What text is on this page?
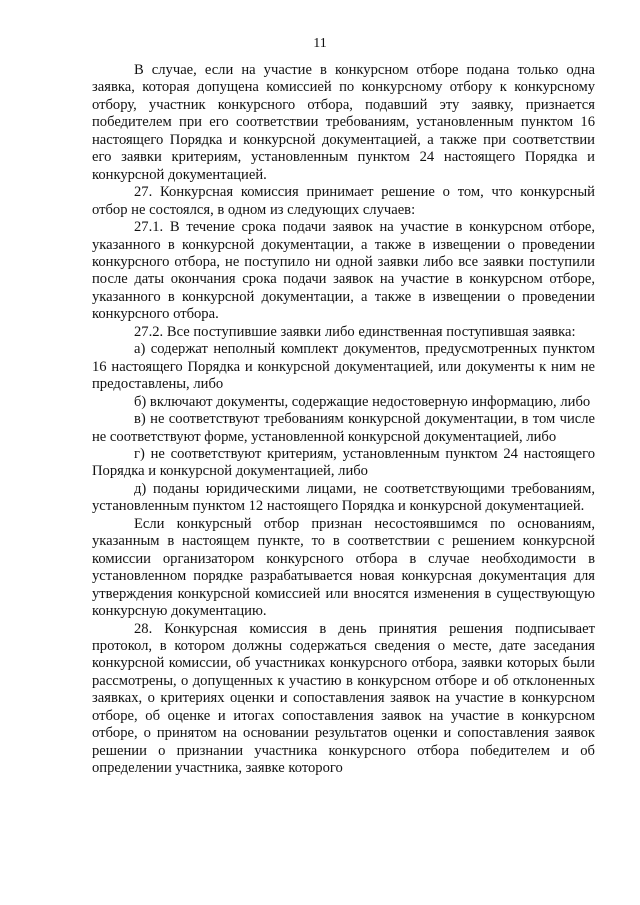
11

В случае, если на участие в конкурсном отборе подана только одна заявка, которая допущена комиссией по конкурсному отбору к конкурсному отбору, участник конкурсного отбора, подавший эту заявку, признается победителем при его соответствии требованиям, установленным пунктом 16 настоящего Порядка и конкурсной документацией, а также при соответствии его заявки критериям, установленным пунктом 24 настоящего Порядка и конкурсной документацией.

27. Конкурсная комиссия принимает решение о том, что конкурсный отбор не состоялся, в одном из следующих случаев:

27.1. В течение срока подачи заявок на участие в конкурсном отборе, указанного в конкурсной документации, а также в извещении о проведении конкурсного отбора, не поступило ни одной заявки либо все заявки поступили после даты окончания срока подачи заявок на участие в конкурсном отборе, указанного в конкурсной документации, а также в извещении о проведении конкурсного отбора.

27.2. Все поступившие заявки либо единственная поступившая заявка:

а) содержат неполный комплект документов, предусмотренных пунктом 16 настоящего Порядка и конкурсной документацией, или документы к ним не предоставлены, либо

б) включают документы, содержащие недостоверную информацию, либо

в) не соответствуют требованиям конкурсной документации, в том числе не соответствуют форме, установленной конкурсной документацией, либо

г) не соответствуют критериям, установленным пунктом 24 настоящего Порядка и конкурсной документацией, либо

д) поданы юридическими лицами, не соответствующими требованиям, установленным пунктом 12 настоящего Порядка и конкурсной документацией.

Если конкурсный отбор признан несостоявшимся по основаниям, указанным в настоящем пункте, то в соответствии с решением конкурсной комиссии организатором конкурсного отбора в случае необходимости в установленном порядке разрабатывается новая конкурсная документация для утверждения конкурсной комиссией или вносятся изменения в существующую конкурсную документацию.

28. Конкурсная комиссия в день принятия решения подписывает протокол, в котором должны содержаться сведения о месте, дате заседания конкурсной комиссии, об участниках конкурсного отбора, заявки которых были рассмотрены, о допущенных к участию в конкурсном отборе и об отклоненных заявках, о критериях оценки и сопоставления заявок на участие в конкурсном отборе, об оценке и итогах сопоставления заявок на участие в конкурсном отборе, о принятом на основании результатов оценки и сопоставления заявок решении о признании участника конкурсного отбора победителем и об определении участника, заявке которого
